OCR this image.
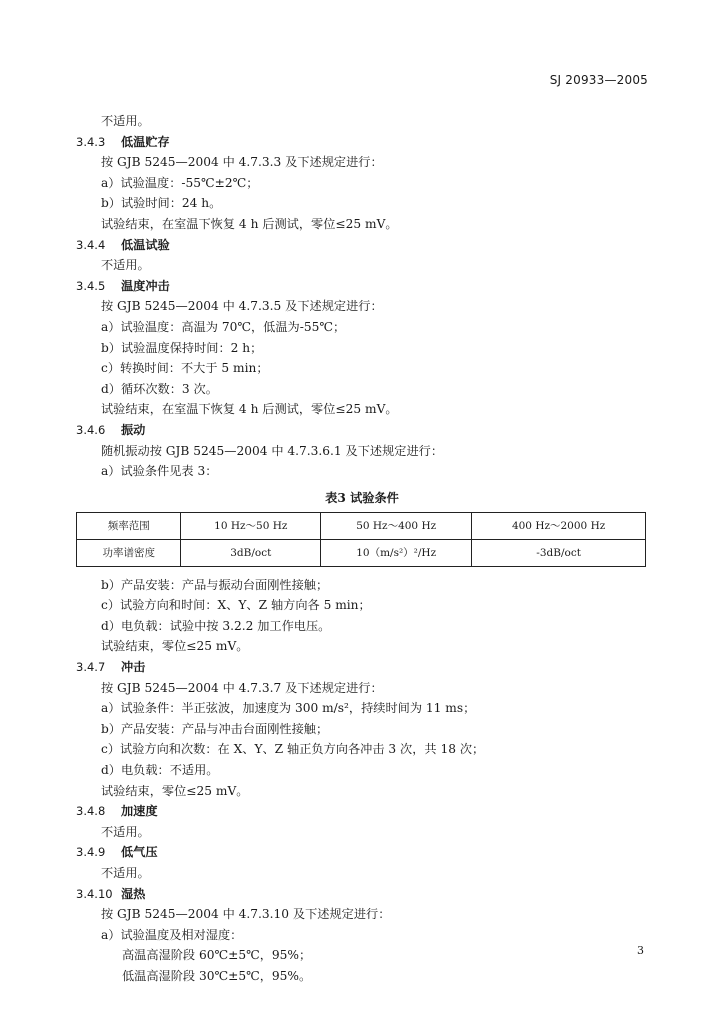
SJ 20933—2005
不适用。
3.4.3 低温贮存
按 GJB 5245—2004 中 4.7.3.3 及下述规定进行：
a）试验温度：-55℃±2℃；
b）试验时间：24 h。
试验结束，在室温下恢复 4 h 后测试，零位≤25 mV。
3.4.4 低温试验
不适用。
3.4.5 温度冲击
按 GJB 5245—2004 中 4.7.3.5 及下述规定进行：
a）试验温度：高温为 70℃，低温为-55℃；
b）试验温度保持时间：2 h；
c）转换时间：不大于 5 min；
d）循环次数：3 次。
试验结束，在室温下恢复 4 h 后测试，零位≤25 mV。
3.4.6 振动
随机振动按 GJB 5245—2004 中 4.7.3.6.1 及下述规定进行：
a）试验条件见表 3：
表3 试验条件
频率范围	10 Hz～50 Hz	50 Hz～400 Hz	400 Hz～2000 Hz
功率谱密度	3dB/oct	10（m/s²）²/Hz	-3dB/oct
b）产品安装：产品与振动台面刚性接触；
c）试验方向和时间：X、Y、Z 轴方向各 5 min；
d）电负载：试验中按 3.2.2 加工作电压。
试验结束，零位≤25 mV。
3.4.7 冲击
按 GJB 5245—2004 中 4.7.3.7 及下述规定进行：
a）试验条件：半正弦波，加速度为 300 m/s²，持续时间为 11 ms；
b）产品安装：产品与冲击台面刚性接触；
c）试验方向和次数：在 X、Y、Z 轴正负方向各冲击 3 次，共 18 次；
d）电负载：不适用。
试验结束，零位≤25 mV。
3.4.8 加速度
不适用。
3.4.9 低气压
不适用。
3.4.10 湿热
按 GJB 5245—2004 中 4.7.3.10 及下述规定进行：
a）试验温度及相对湿度：
高温高湿阶段 60℃±5℃，95%；
低温高湿阶段 30℃±5℃，95%。
3
